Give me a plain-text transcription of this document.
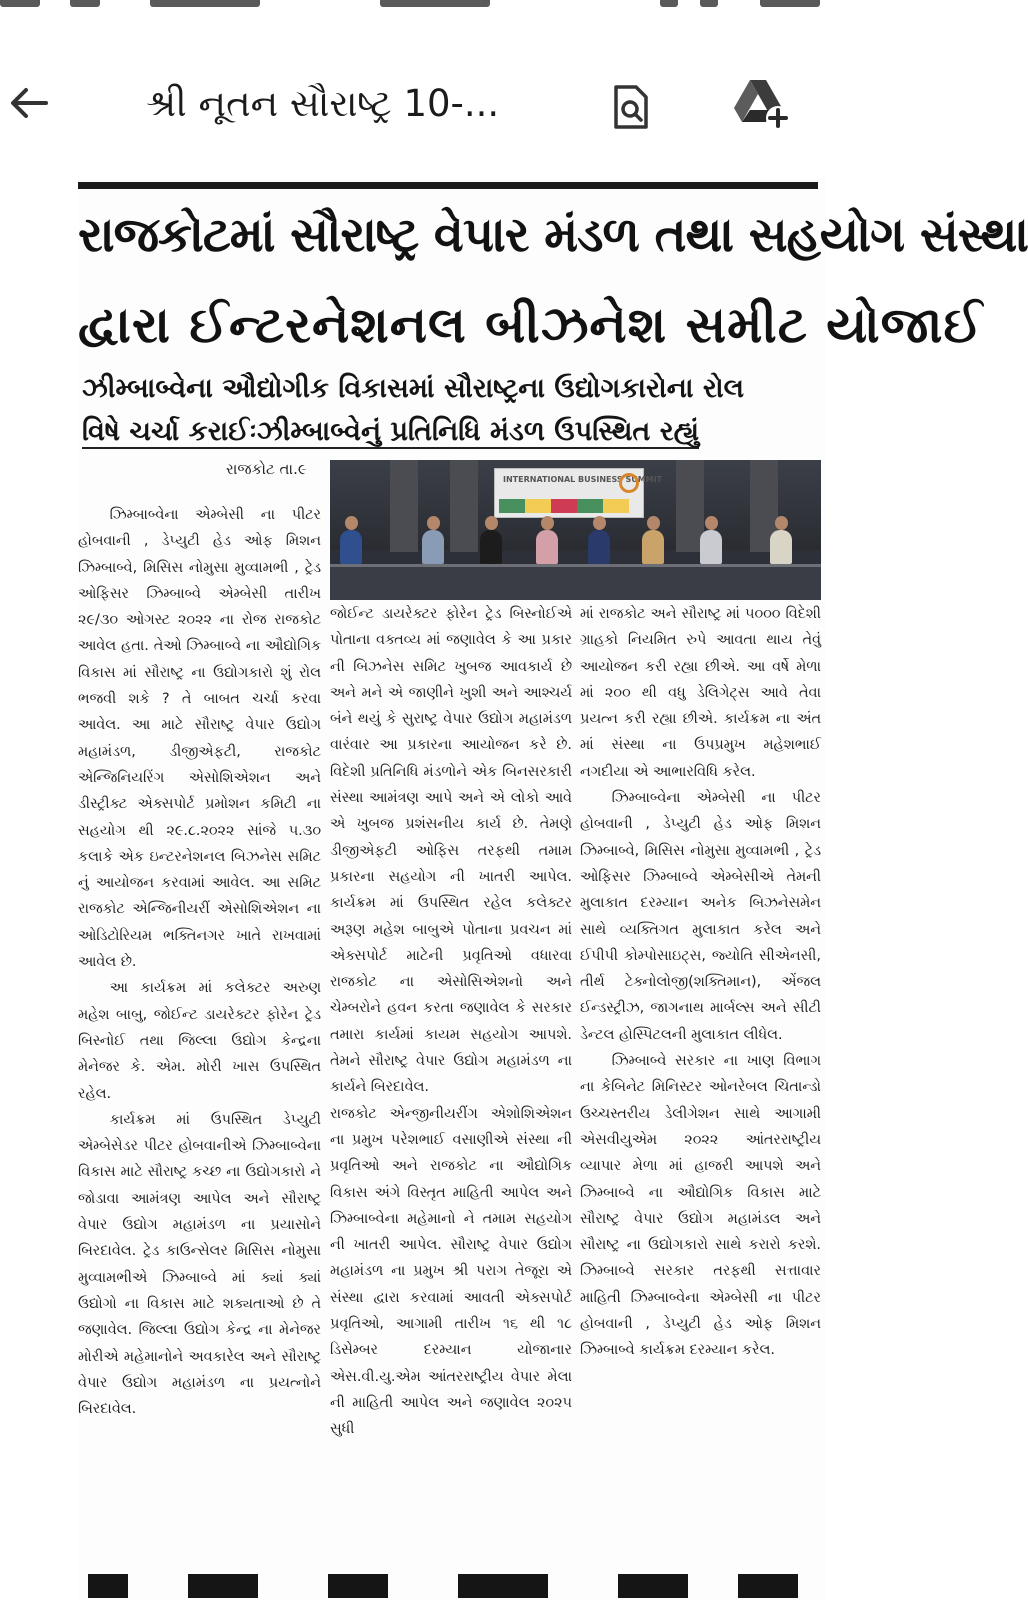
શ્રી નૂતન સૌરાષ્ટ્ર 10-...
રાજકોટમાં સૌરાષ્ટ્ર વેપાર મંડળ તથા સહયોગ સંસ્થા
દ્વારા ઈન્ટરનેશનલ બીઝનેશ સમીટ યોજાઈ
ઝીમ્બાબ્વેના ઔદ્યોગીક વિકાસમાં સૌરાષ્ટ્રના ઉદ્યોગકારોના રોલ
વિષે ચર્ચા કરાઈઃઝીમ્બાબ્વેનું પ્રતિનિધિ મંડળ ઉપસ્થિત રહ્યું
INTERNATIONAL BUSINESS SUMMIT
રાજકોટ તા.૯

ઝિમ્બાબ્વેના એમ્બેસી ના પીટર હોબવાની , ડેપ્યુટી હેડ ઓફ મિશન ઝિમ્બાબ્વે, મિસિસ નોમુસા મુવ્વામભી , ટ્રેડ ઓફિસર ઝિમ્બાબ્વે એમ્બેસી તારીખ ૨૯/૩૦ ઓગસ્ટ ૨૦૨૨ ના રોજ રાજકોટ આવેલ હતા. તેઓ ઝિમ્બાબ્વે ના ઔદ્યોગિક વિકાસ માં સૌરાષ્ટ્ર ના ઉદ્યોગકારો શું રોલ ભજવી શકે ? તે બાબત ચર્ચા કરવા આવેલ. આ માટે સૌરાષ્ટ્ર વેપાર ઉદ્યોગ મહામંડળ, ડીજીએફટી, રાજકોટ એન્જિનિયરિંગ એસોશિએશન અને ડીસ્ટ્રીક્ટ એક્સપોર્ટ પ્રમોશન કમિટી ના સહયોગ થી ૨૯.૮.૨૦૨૨ સાંજે ૫.૩૦ કલાકે એક ઇન્ટરનેશનલ બિઝનેસ સમિટ નું આયોજન કરવામાં આવેલ. આ સમિટ રાજકોટ એન્જિનીયરીં એસોશિએશન ના ઓડિટોરિયમ ભક્તિનગર ખાતે રાખવામાં આવેલ છે.

આ કાર્યક્રમ માં કલેક્ટર અરુણ મહેશ બાબુ, જોઈન્ટ ડાયરેક્ટર ફોરેન ટ્રેડ બિસ્નોઈ તથા જિલ્લા ઉદ્યોગ કેન્દ્રના મેનેજર કે. એમ. મોરી ખાસ ઉપસ્થિત રહેલ.

કાર્યક્રમ માં ઉપસ્થિત ડેપ્યુટી એમ્બેસેડર પીટર હોબવાનીએ ઝિમ્બાબ્વેના વિકાસ માટે સૌરાષ્ટ્ર કચ્છ ના ઉદ્યોગકારો ને જોડાવા આમંત્રણ આપેલ અને સૌરાષ્ટ્ર વેપાર ઉદ્યોગ મહામંડળ ના પ્રયાસોને બિરદાવેલ. ટ્રેડ કાઉન્સેલર મિસિસ નોમુસા મુવ્વામભીએ ઝિમ્બાબ્વે માં ક્યાં ક્યાં ઉદ્યોગો ના વિકાસ માટે શક્યતાઓ છે તે જણાવેલ. જિલ્લા ઉદ્યોગ કેન્દ્ર ના મેનેજર મોરીએ મહેમાનોને અવકારેલ અને સૌરાષ્ટ્ર વેપાર ઉદ્યોગ મહામંડળ ના પ્રયત્નોને બિરદાવેલ.

જોઈન્ટ ડાયરેક્ટર ફોરેન ટ્રેડ બિસ્નોઈએ પોતાના વક્તવ્ય માં જણાવેલ કે આ પ્રકાર ની બિઝનેસ સમિટ ખુબજ આવકાર્ય છે અને મને એ જાણીને ખુશી અને આશ્ચર્ય બંને થયું કે સુરાષ્ટ્ર વેપાર ઉદ્યોગ મહામંડળ વારંવાર આ પ્રકારના આયોજન કરે છે. વિદેશી પ્રતિનિધિ મંડળોને એક બિનસરકારી સંસ્થા આમંત્રણ આપે અને એ લોકો આવે એ ખુબજ પ્રશંસનીય કાર્ય છે. તેમણે ડીજીએફટી ઓફિસ તરફથી તમામ પ્રકારના સહયોગ ની ખાતરી આપેલ. કાર્યક્રમ માં ઉપસ્થિત રહેલ કલેક્ટર અરૂણ મહેશ બાબુએ પોતાના પ્રવચન માં એક્સપોર્ટ માટેની પ્રવૃતિઓ વધારવા રાજકોટ ના એસોસિએશનો અને ચેમ્બરોને હવન કરતા જણાવેલ કે સરકાર તમારા કાર્યમાં કાયમ સહયોગ આપશે. તેમને સૌરાષ્ટ્ર વેપાર ઉદ્યોગ મહામંડળ ના કાર્યને બિરદાવેલ.

રાજકોટ એન્જીનીયરીંગ એશોશિએશન ના પ્રમુખ પરેશભાઈ વસાણીએ સંસ્થા ની પ્રવૃતિઓ અને રાજકોટ ના ઔદ્યોગિક વિકાસ અંગે વિસ્તૃત માહિતી આપેલ અને ઝિમ્બાબ્વેના મહેમાનો ને તમામ સહયોગ ની ખાતરી આપેલ. સૌરાષ્ટ્ર વેપાર ઉદ્યોગ મહામંડળ ના પ્રમુખ શ્રી પરાગ તેજૂરા એ સંસ્થા દ્વારા કરવામાં આવતી એક્સપોર્ટ પ્રવૃતિઓ, આગામી તારીખ ૧૬ થી ૧૮ ડિસેમ્બર દરમ્યાન યોજાનાર એસ.વી.યુ.એમ આંતરરાષ્ટ્રીય વેપાર મેલા ની માહિતી આપેલ અને જણાવેલ ૨૦૨૫ સુધી

માં રાજકોટ અને સૌરાષ્ટ્ર માં ૫૦૦૦ વિદેશી ગ્રાહકો નિયમિત રુપે આવતા થાય તેવું આયોજન કરી રહ્યા છીએ. આ વર્ષે મેળા માં ૨૦૦ થી વધુ ડેલિગેટ્સ આવે તેવા પ્રયત્ન કરી રહ્યા છીએ. કાર્યક્રમ ના અંત માં સંસ્થા ના ઉપપ્રમુખ મહેશભાઈ નગદીયા એ આભારવિધિ કરેલ.

ઝિમ્બાબ્વેના એમ્બેસી ના પીટર હોબવાની , ડેપ્યુટી હેડ ઓફ મિશન ઝિમ્બાબ્વે, મિસિસ નોમુસા મુવ્વામભી , ટ્રેડ ઓફિસર ઝિમ્બાબ્વે એમ્બેસીએ તેમની મુલાકાત દરમ્યાન અનેક બિઝનેસમેન સાથે વ્યક્તિગત મુલાકાત કરેલ અને ઈપીપી કોમ્પોસાઇટ્સ, જ્યોતિ સીએનસી, તીર્થ ટેક્નોલોજી(શક્તિમાન), એંજલ ઈન્ડસ્ટ્રીઝ, જાગનાથ માર્બલ્સ અને સીટી ડેન્ટલ હોસ્પિટલની મુલાકાત લીધેલ.

ઝિમ્બાબ્વે સરકાર ના ખાણ વિભાગ ના કેબિનેટ મિનિસ્ટર ઓનરેબલ ચિતાન્ડો ઉચ્ચસ્તરીય ડેલીગેશન સાથે આગામી એસવીયુએમ ૨૦૨૨ આંતરરાષ્ટ્રીય વ્યાપાર મેળા માં હાજરી આપશે અને ઝિમ્બાબ્વે ના ઔદ્યોગિક વિકાસ માટે સૌરાષ્ટ્ર વેપાર ઉદ્યોગ મહામંડલ અને સૌરાષ્ટ્ર ના ઉદ્યોગકારો સાથે કરારો કરશે. ઝિમ્બાબ્વે સરકાર તરફથી સત્તાવાર માહિતી ઝિમ્બાબ્વેના એમ્બેસી ના પીટર હોબવાની , ડેપ્યુટી હેડ ઓફ મિશન ઝિમ્બાબ્વે કાર્યક્રમ દરમ્યાન કરેલ.
